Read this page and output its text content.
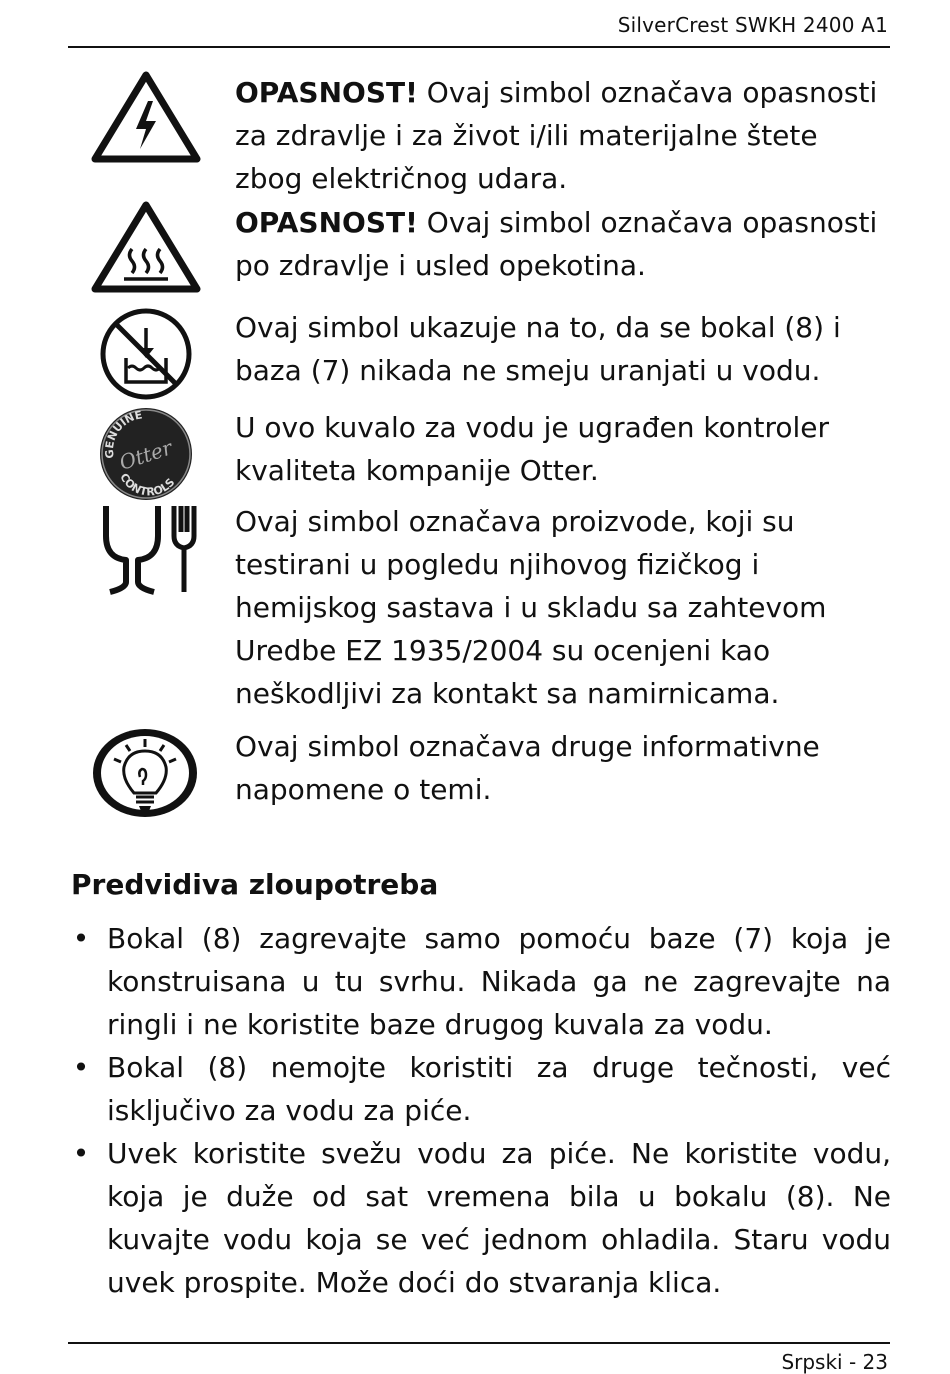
SilverCrest SWKH 2400 A1
OPASNOST! Ovaj simbol označava opasnosti za zdravlje i za život i/ili materijalne štete zbog električnog udara.
OPASNOST! Ovaj simbol označava opasnosti po zdravlje i usled opekotina.
Ovaj simbol ukazuje na to, da se bokal (8) i baza (7) nikada ne smeju uranjati u vodu.
GENUINE
Otter
CONTROLS
U ovo kuvalo za vodu je ugrađen kontroler kvaliteta kompanije Otter.
Ovaj simbol označava proizvode, koji su testirani u pogledu njihovog fizičkog i hemijskog sastava i u skladu sa zahtevom Uredbe EZ 1935/2004 su ocenjeni kao neškodljivi za kontakt sa namirnicama.
Ovaj simbol označava druge informativne napomene o temi.
Predvidiva zloupotreba
• Bokal (8) zagrevajte samo pomoću baze (7) koja je konstruisana u tu svrhu. Nikada ga ne zagrevajte na ringli i ne koristite baze drugog kuvala za vodu.
• Bokal (8) nemojte koristiti za druge tečnosti, već isključivo za vodu za piće.
• Uvek koristite svežu vodu za piće. Ne koristite vodu, koja je duže od sat vremena bila u bokalu (8). Ne kuvajte vodu koja se već jednom ohladila. Staru vodu uvek prospite. Može doći do stvaranja klica.
Srpski - 23
